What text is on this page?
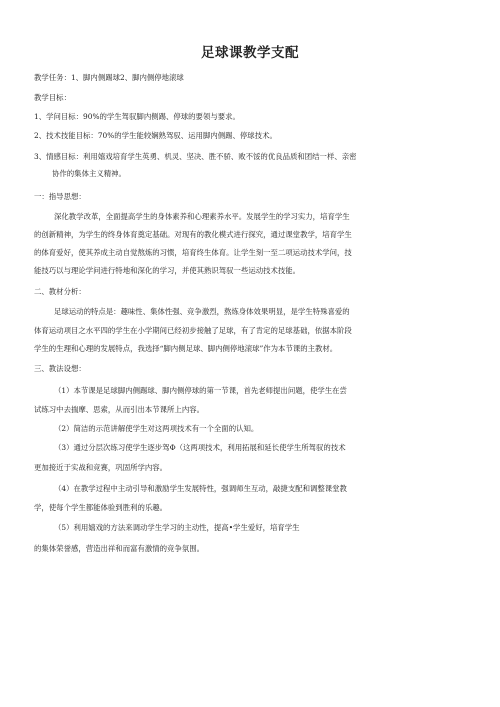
足球课教学支配
教学任务：1、脚内侧踢球2、脚内侧停地滚球
教学目标：
1、学问目标：90%的学生驾驭脚内侧踢、停球的要领与要求。
2、技术技能目标：70%的学生能较娴熟驾驭、运用脚内侧踢、停球技术。
3、情感目标：利用嬉戏培育学生英勇、机灵、坚决、胜不骄、败不馁的优良品质和团结一样、亲密
协作的集体主义精神。
一：指导思想：
深化教学改革，全面提高学生的身体素养和心理素养水平。发展学生的学习实力，培育学生
的创新精神，为学生的终身体育奠定基础。对现有的教化模式进行探究，通过课堂教学，培育学生
的体育爱好，使其养成主动自觉熬炼的习惯，培育终生体育。让学生刻一至二项运动技术学问，技
能技巧以与理论学问进行特地和深化的学习，并使其熟识驾驭一些运动技术技能。
二、教材分析：
足球运动的特点是：趣味性、集体性强、竞争激烈，熬炼身体效果明显，是学生特殊喜爱的
体育运动项目之水平四的学生在小学期间已经初步接触了足球，有了肯定的足球基础，依据本阶段
学生的生理和心理的发展特点，我选择“脚内侧足球、脚内侧停地滚球”作为本节课的主教材。
三、教法设想：
（1）本节课是足球脚内侧踢球、脚内侧停球的第一节课，首先老师提出问题，使学生在尝
试练习中去揣摩、思索，从而引出本节课所上内容。
（2）简洁的示范讲解使学生对这两项技术有一个全面的认知。
（3）通过分层次练习使学生逐步驾Φ（这两项技术，利用拓展和延长使学生所驾驭的技术
更加接近于实战和竞赛，巩固所学内容。
（4）在教学过程中主动引导和激励学生发展特性，强调师生互动，敲捷支配和调整课堂教
学，使每个学生都能体验到胜利的乐趣。
（5）利用嬉戏的方法来调动学生学习的主动性，提高•学生爱好，培育学生
的集体荣誉感，营造出祥和而富有激情的竞争氛围。
